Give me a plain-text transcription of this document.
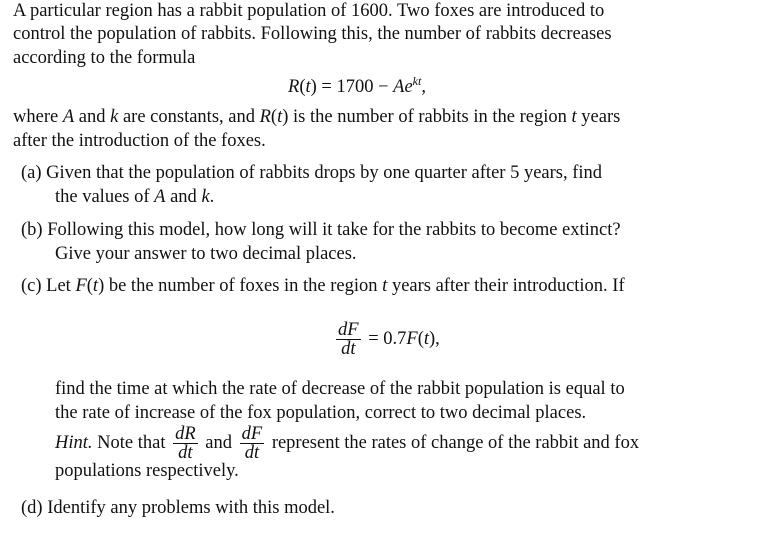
A particular region has a rabbit population of 1600. Two foxes are introduced to
control the population of rabbits. Following this, the number of rabbits decreases
according to the formula
$R(t) = 1700 - Ae^{kt}$,
where A and k are constants, and R(t) is the number of rabbits in the region t years
after the introduction of the foxes.
(a) Given that the population of rabbits drops by one quarter after 5 years, find
the values of A and k.
(b) Following this model, how long will it take for the rabbits to become extinct?
Give your answer to two decimal places.
(c) Let F(t) be the number of foxes in the region t years after their introduction. If
$\frac{dF}{dt} = 0.7F(t)$,
find the time at which the rate of decrease of the rabbit population is equal to
the rate of increase of the fox population, correct to two decimal places.
Hint. Note that $\frac{dR}{dt}$ and $\frac{dF}{dt}$ represent the rates of change of the rabbit and fox
populations respectively.
(d) Identify any problems with this model.
